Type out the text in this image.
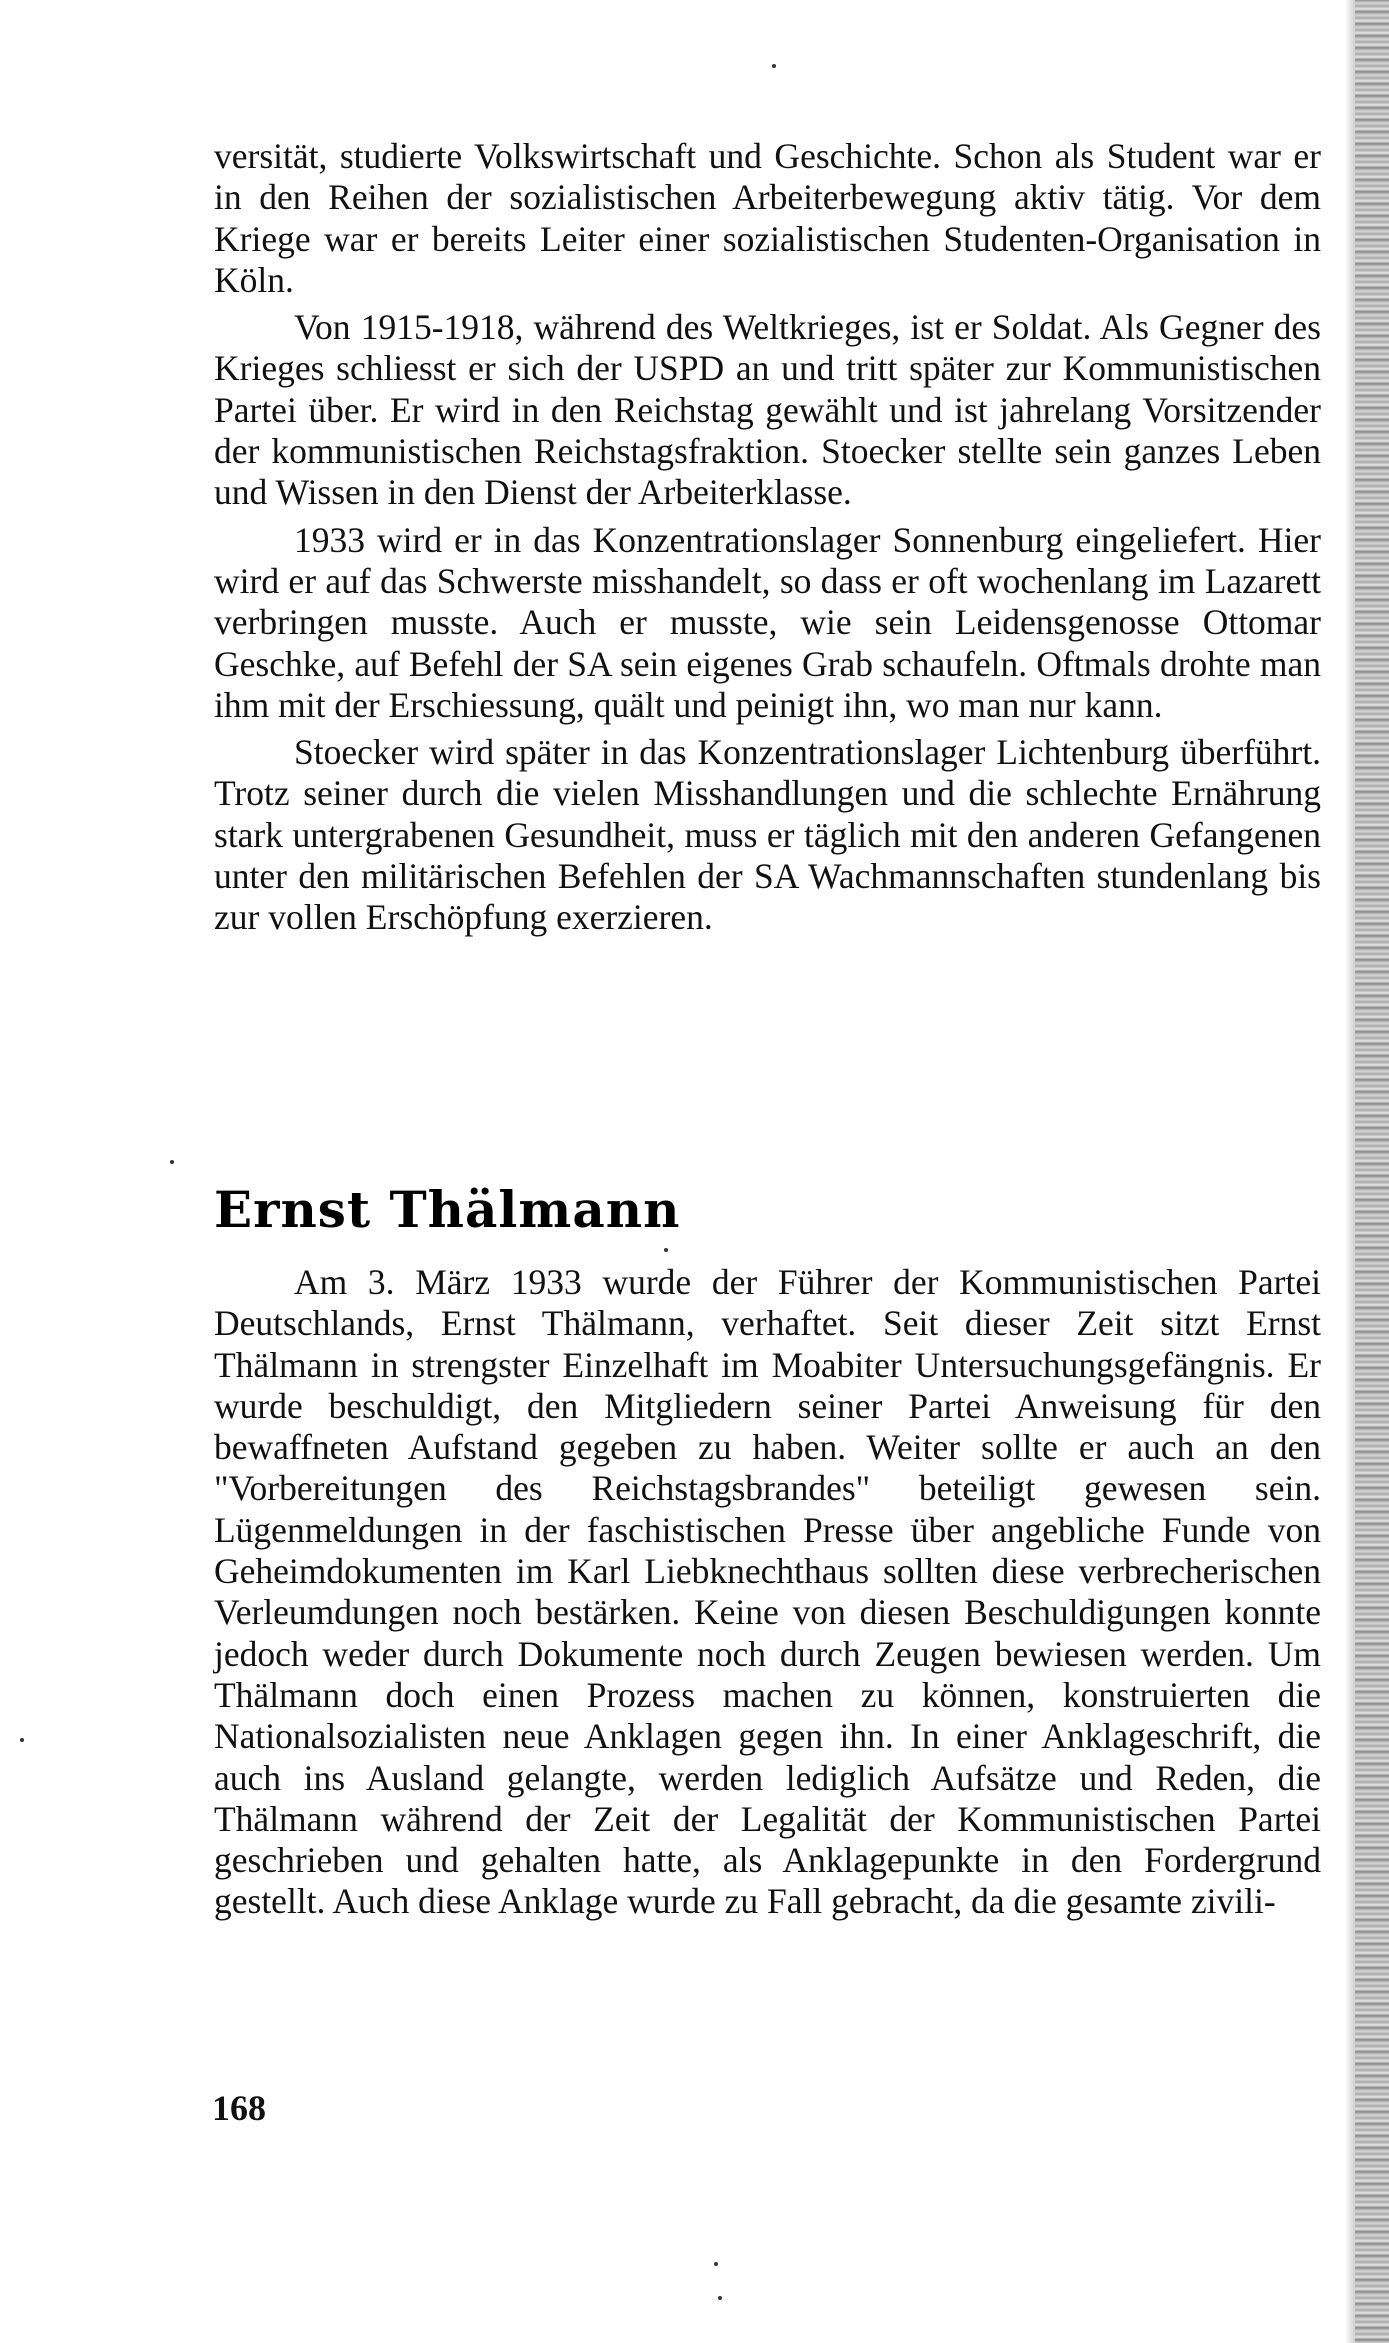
versität, studierte Volkswirtschaft und Geschichte. Schon als Student war er in den Reihen der sozialistischen Arbeiterbewegung aktiv tätig. Vor dem Kriege war er bereits Leiter einer sozialistischen Studenten-Organisation in Köln.

Von 1915-1918, während des Weltkrieges, ist er Soldat. Als Gegner des Krieges schliesst er sich der USPD an und tritt später zur Kommunistischen Partei über. Er wird in den Reichstag gewählt und ist jahrelang Vorsitzender der kommunistischen Reichstagsfraktion. Stoecker stellte sein ganzes Leben und Wissen in den Dienst der Arbeiterklasse.

1933 wird er in das Konzentrationslager Sonnenburg eingeliefert. Hier wird er auf das Schwerste misshandelt, so dass er oft wochenlang im Lazarett verbringen musste. Auch er musste, wie sein Leidensgenosse Ottomar Geschke, auf Befehl der SA sein eigenes Grab schaufeln. Oftmals drohte man ihm mit der Erschiessung, quält und peinigt ihn, wo man nur kann.

Stoecker wird später in das Konzentrationslager Lichtenburg überführt. Trotz seiner durch die vielen Misshandlungen und die schlechte Ernährung stark untergrabenen Gesundheit, muss er täglich mit den anderen Gefangenen unter den militärischen Befehlen der SA Wachmannschaften stundenlang bis zur vollen Erschöpfung exerzieren.

Ernst Thälmann

Am 3. März 1933 wurde der Führer der Kommunistischen Partei Deutschlands, Ernst Thälmann, verhaftet. Seit dieser Zeit sitzt Ernst Thälmann in strengster Einzelhaft im Moabiter Untersuchungsgefängnis. Er wurde beschuldigt, den Mitgliedern seiner Partei Anweisung für den bewaffneten Aufstand gegeben zu haben. Weiter sollte er auch an den "Vorbereitungen des Reichstagsbrandes" beteiligt gewesen sein. Lügenmeldungen in der faschistischen Presse über angebliche Funde von Geheimdokumenten im Karl Liebknechthaus sollten diese verbrecherischen Verleumdungen noch bestärken. Keine von diesen Beschuldigungen konnte jedoch weder durch Dokumente noch durch Zeugen bewiesen werden. Um Thälmann doch einen Prozess machen zu können, konstruierten die Nationalsozialisten neue Anklagen gegen ihn. In einer Anklageschrift, die auch ins Ausland gelangte, werden lediglich Aufsätze und Reden, die Thälmann während der Zeit der Legalität der Kommunistischen Partei geschrieben und gehalten hatte, als Anklagepunkte in den Fordergrund gestellt. Auch diese Anklage wurde zu Fall gebracht, da die gesamte zivili-

168
